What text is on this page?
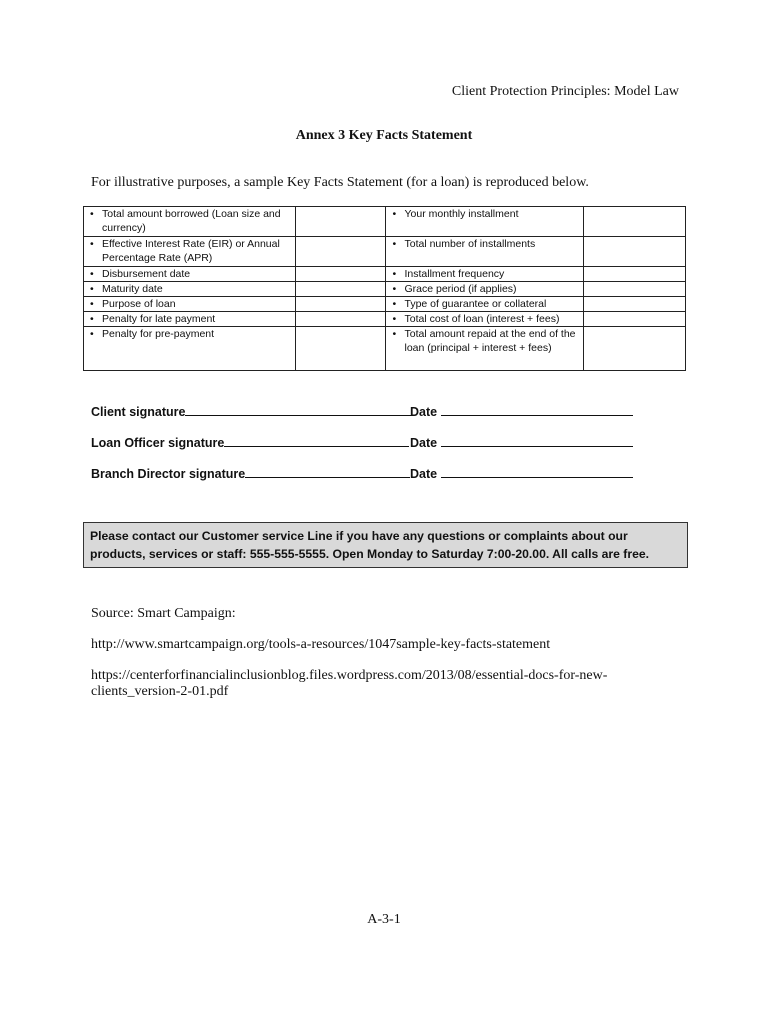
Client Protection Principles: Model Law
Annex 3 Key Facts Statement
For illustrative purposes, a sample Key Facts Statement (for a loan) is reproduced below.
• Total amount borrowed (Loan size and currency)		• Your monthly installment	

• Effective Interest Rate (EIR) or Annual Percentage Rate (APR)		• Total number of installments	

• Disbursement date		• Installment frequency	

• Maturity date		• Grace period (if applies)	

• Purpose of loan		• Type of guarantee or collateral	

• Penalty for late payment		• Total cost of loan (interest + fees)	

• Penalty for pre-payment		• Total amount repaid at the end of the loan (principal + interest + fees)	

Client signature	Date
Loan Officer signature	Date
Branch Director signature	Date
Please contact our Customer service Line if you have any questions or complaints about our products, services or staff: 555-555-5555. Open Monday to Saturday 7:00-20.00. All calls are free.
Source: Smart Campaign:
http://www.smartcampaign.org/tools-a-resources/1047sample-key-facts-statement
https://centerforfinancialinclusionblog.files.wordpress.com/2013/08/essential-docs-for-new-
clients_version-2-01.pdf
A-3-1
